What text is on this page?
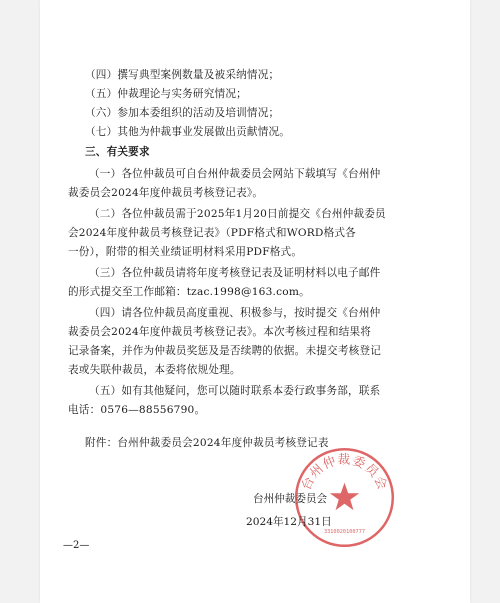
（四）撰写典型案例数量及被采纳情况；
（五）仲裁理论与实务研究情况；
（六）参加本委组织的活动及培训情况；
（七）其他为仲裁事业发展做出贡献情况。
三、有关要求
（一）各位仲裁员可自台州仲裁委员会网站下载填写《台州仲
裁委员会2024年度仲裁员考核登记表》。
（二）各位仲裁员需于2025年1月20日前提交《台州仲裁委员
会2024年度仲裁员考核登记表》（PDF格式和WORD格式各
一份），附带的相关业绩证明材料采用PDF格式。
（三）各位仲裁员请将年度考核登记表及证明材料以电子邮件
的形式提交至工作邮箱：tzac.1998@163.com。
（四）请各位仲裁员高度重视、积极参与，按时提交《台州仲
裁委员会2024年度仲裁员考核登记表》。本次考核过程和结果将
记录备案，并作为仲裁员奖惩及是否续聘的依据。未提交考核登记
表或失联仲裁员，本委将依规处理。
（五）如有其他疑问，您可以随时联系本委行政事务部，联系
电话：0576—88556790。
附件：台州仲裁委员会2024年度仲裁员考核登记表
台州仲裁委员会
3310020100777
台州仲裁委员会
2024年12月31日
—2—
